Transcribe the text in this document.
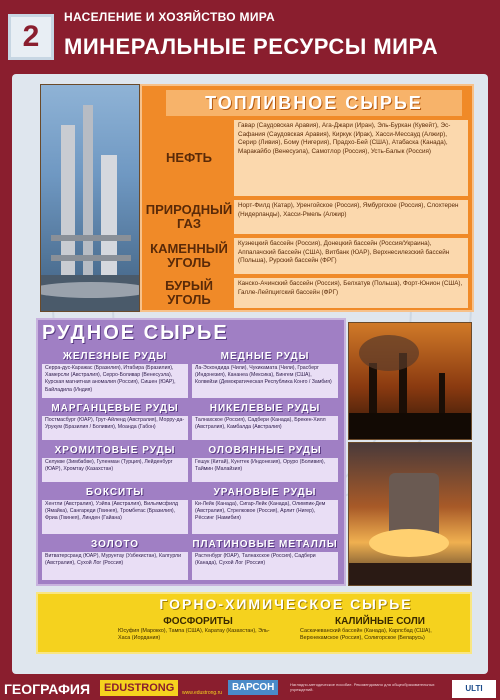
2
НАСЕЛЕНИЕ И ХОЗЯЙСТВО МИРА
МИНЕРАЛЬНЫЕ РЕСУРСЫ МИРА
ТОПЛИВНОЕ СЫРЬЕ
НЕФТЬ
Гавар (Саудовская Аравия), Ага-Джари (Иран), Эль-Буркан (Кувейт), Эс-Сафания (Саудовская Аравия), Киркук (Ирак), Хасси-Мессауд (Алжир), Серир (Ливия), Бому (Нигерия), Прадхо-Бей (США), Атабаска (Канада), Маракайбо (Венесуэла), Самотлор (Россия), Усть-Балык (Россия)
ПРИРОДНЫЙ ГАЗ
Норт-Филд (Катар), Уренгойское (Россия), Ямбургское (Россия), Слохтерен (Нидерланды), Хасси-Рмель (Алжир)
КАМЕННЫЙ УГОЛЬ
Кузнецкий бассейн (Россия), Донецкий бассейн (Россия/Украина), Аппалачский бассейн (США), Витбанк (ЮАР), Верхнесилезский бассейн (Польша), Рурский бассейн (ФРГ)
БУРЫЙ УГОЛЬ
Канско-Ачинский бассейн (Россия), Белхатув (Польша), Форт-Юнион (США), Галле-Лейпцигский бассейн (ФРГ)
РУДНОЕ СЫРЬЕ
ЖЕЛЕЗНЫЕ РУДЫ
Серра-дус-Каражас (Бразилия), Итабира (Бразилия), Хамерсли (Австралия), Серро-Боливар (Венесуэла), Курская магнитная аномалия (Россия), Сишен (ЮАР), Байладила (Индия)
МЕДНЫЕ РУДЫ
Ла-Эскондида (Чили), Чукикамата (Чили), Грасберг (Индонезия), Кананеа (Мексика), Бингем (США), Колвейзи (Демократическая Республика Конго / Замбия)
МАРГАНЦЕВЫЕ РУДЫ
Постмасбург (ЮАР), Грут-Айленд (Австралия), Морру-да-Урукум (Бразилия / Боливия), Моанда (Габон)
НИКЕЛЕВЫЕ РУДЫ
Талнахское (Россия), Садбери (Канада), Брекен-Хилл (Австралия), Камбалда (Австралия)
ХРОМИТОВЫЕ РУДЫ
Селуквe (Зимбабве), Гуленман (Турция), Лейденбург (ЮАР), Хромтау (Казахстан)
ОЛОВЯННЫЕ РУДЫ
Гешук (Китай), Кунгтек (Индонезия), Оруро (Боливия), Таймин (Малайзия)
БОКСИТЫ
Хентли (Австралия), Уэйпа (Австралия), Вильямсфилд (Ямайка), Сангареди (Гвинея), Тромбетас (Бразилия), Фриа (Гвинея), Линден (Гайана)
УРАНОВЫЕ РУДЫ
Ки-Лейк (Канада), Сигар-Лейк (Канада), Олимпик-Дем (Австралия), Стрелковое (Россия), Арлит (Нигер), Рёссинг (Намибия)
ЗОЛОТО
Витватерсранд (ЮАР), Мурунтау (Узбекистан), Калгурли (Австралия), Сухой Лог (Россия)
ПЛАТИНОВЫЕ МЕТАЛЛЫ
Растенбург (ЮАР), Талнахское (Россия), Садбери (Канада), Сухой Лог (Россия)
ГОРНО-ХИМИЧЕСКОЕ СЫРЬЕ
ФОСФОРИТЫ
Юсуфия (Марокко), Тампа (США), Каратау (Казахстан), Эль-Хаса (Иордания)
КАЛИЙНЫЕ СОЛИ
Саскачеванский бассейн (Канада), Карлсбад (США), Верхнекамское (Россия), Солигорское (Беларусь)
ГЕОГРАФИЯ	EDUSTRONG	www.edustrong.ru ВАРСОН	Наглядно-методическое пособие. Рекомендовано для общеобразовательных учреждений.	ULTI
